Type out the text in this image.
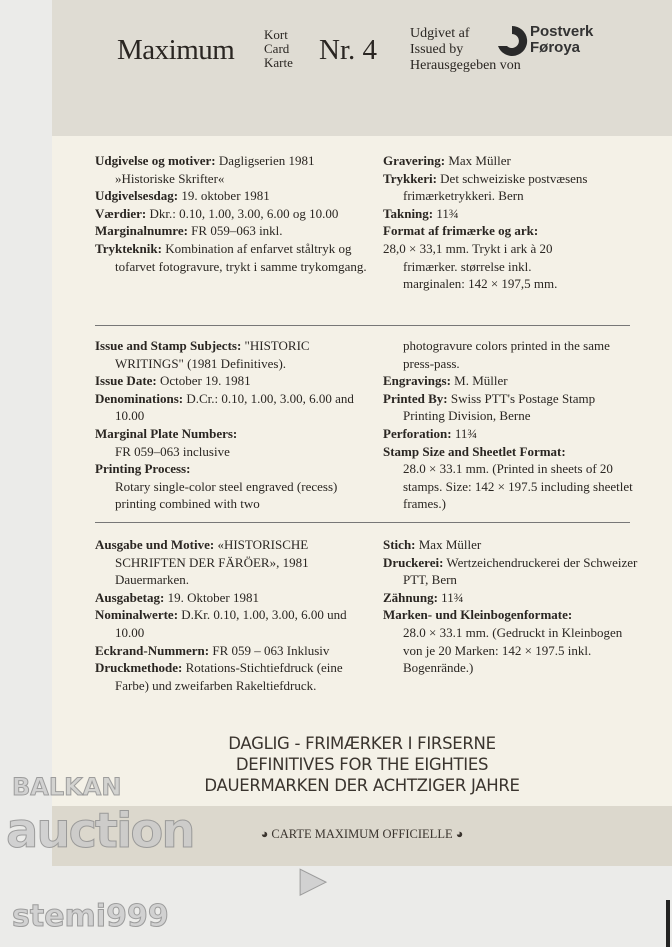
Maximum Kort
Card
Karte Nr. 4
Udgivet af
Issued by
Herausgegeben von
Postverk
Føroya

Udgivelse og motiver: Dagligserien 1981 »Historiske Skrifter«

Udgivelsesdag: 19. oktober 1981

Værdier: Dkr.: 0.10, 1.00, 3.00, 6.00 og 10.00

Marginalnumre: FR 059–063 inkl.

Trykteknik: Kombination af enfarvet ståltryk og tofarvet fotogravure, trykt i samme trykomgang.

Gravering: Max Müller

Trykkeri: Det schweiziske postvæsens frimærketrykkeri. Bern

Takning: 11¾

Format af frimærke og ark:

28,0 × 33,1 mm. Trykt i ark à 20 frimærker. størrelse inkl. marginalen: 142 × 197,5 mm.

Issue and Stamp Subjects: "HISTORIC WRITINGS" (1981 Definitives).

Issue Date: October 19. 1981

Denominations: D.Cr.: 0.10, 1.00, 3.00, 6.00 and 10.00

Marginal Plate Numbers:
FR 059–063 inclusive

Printing Process:
Rotary single-color steel engraved (recess) printing combined with two

photogravure colors printed in the same press-pass.

Engravings: M. Müller

Printed By: Swiss PTT's Postage Stamp Printing Division, Berne

Perforation: 11¾

Stamp Size and Sheetlet Format:
28.0 × 33.1 mm. (Printed in sheets of 20 stamps. Size: 142 × 197.5 including sheetlet frames.)

Ausgabe und Motive: «HISTORISCHE SCHRIFTEN DER FÄRÖER», 1981 Dauermarken.

Ausgabetag: 19. Oktober 1981

Nominalwerte: D.Kr. 0.10, 1.00, 3.00, 6.00 und 10.00

Eckrand-Nummern: FR 059 – 063 Inklusiv

Druckmethode: Rotations-Stichtiefdruck (eine Farbe) und zweifarben Rakeltiefdruck.

Stich: Max Müller

Druckerei: Wertzeichendruckerei der Schweizer PTT, Bern

Zähnung: 11¾

Marken- und Kleinbogenformate:
28.0 × 33.1 mm. (Gedruckt in Kleinbogen von je 20 Marken: 142 × 197.5 inkl. Bogenrände.)

DAGLIG - FRIMÆRKER I FIRSERNE
DEFINITIVES FOR THE EIGHTIES
DAUERMARKEN DER ACHTZIGER JAHRE
◕ CARTE MAXIMUM OFFICIELLE ◕
BALKAN
auction
▶
stemi999
